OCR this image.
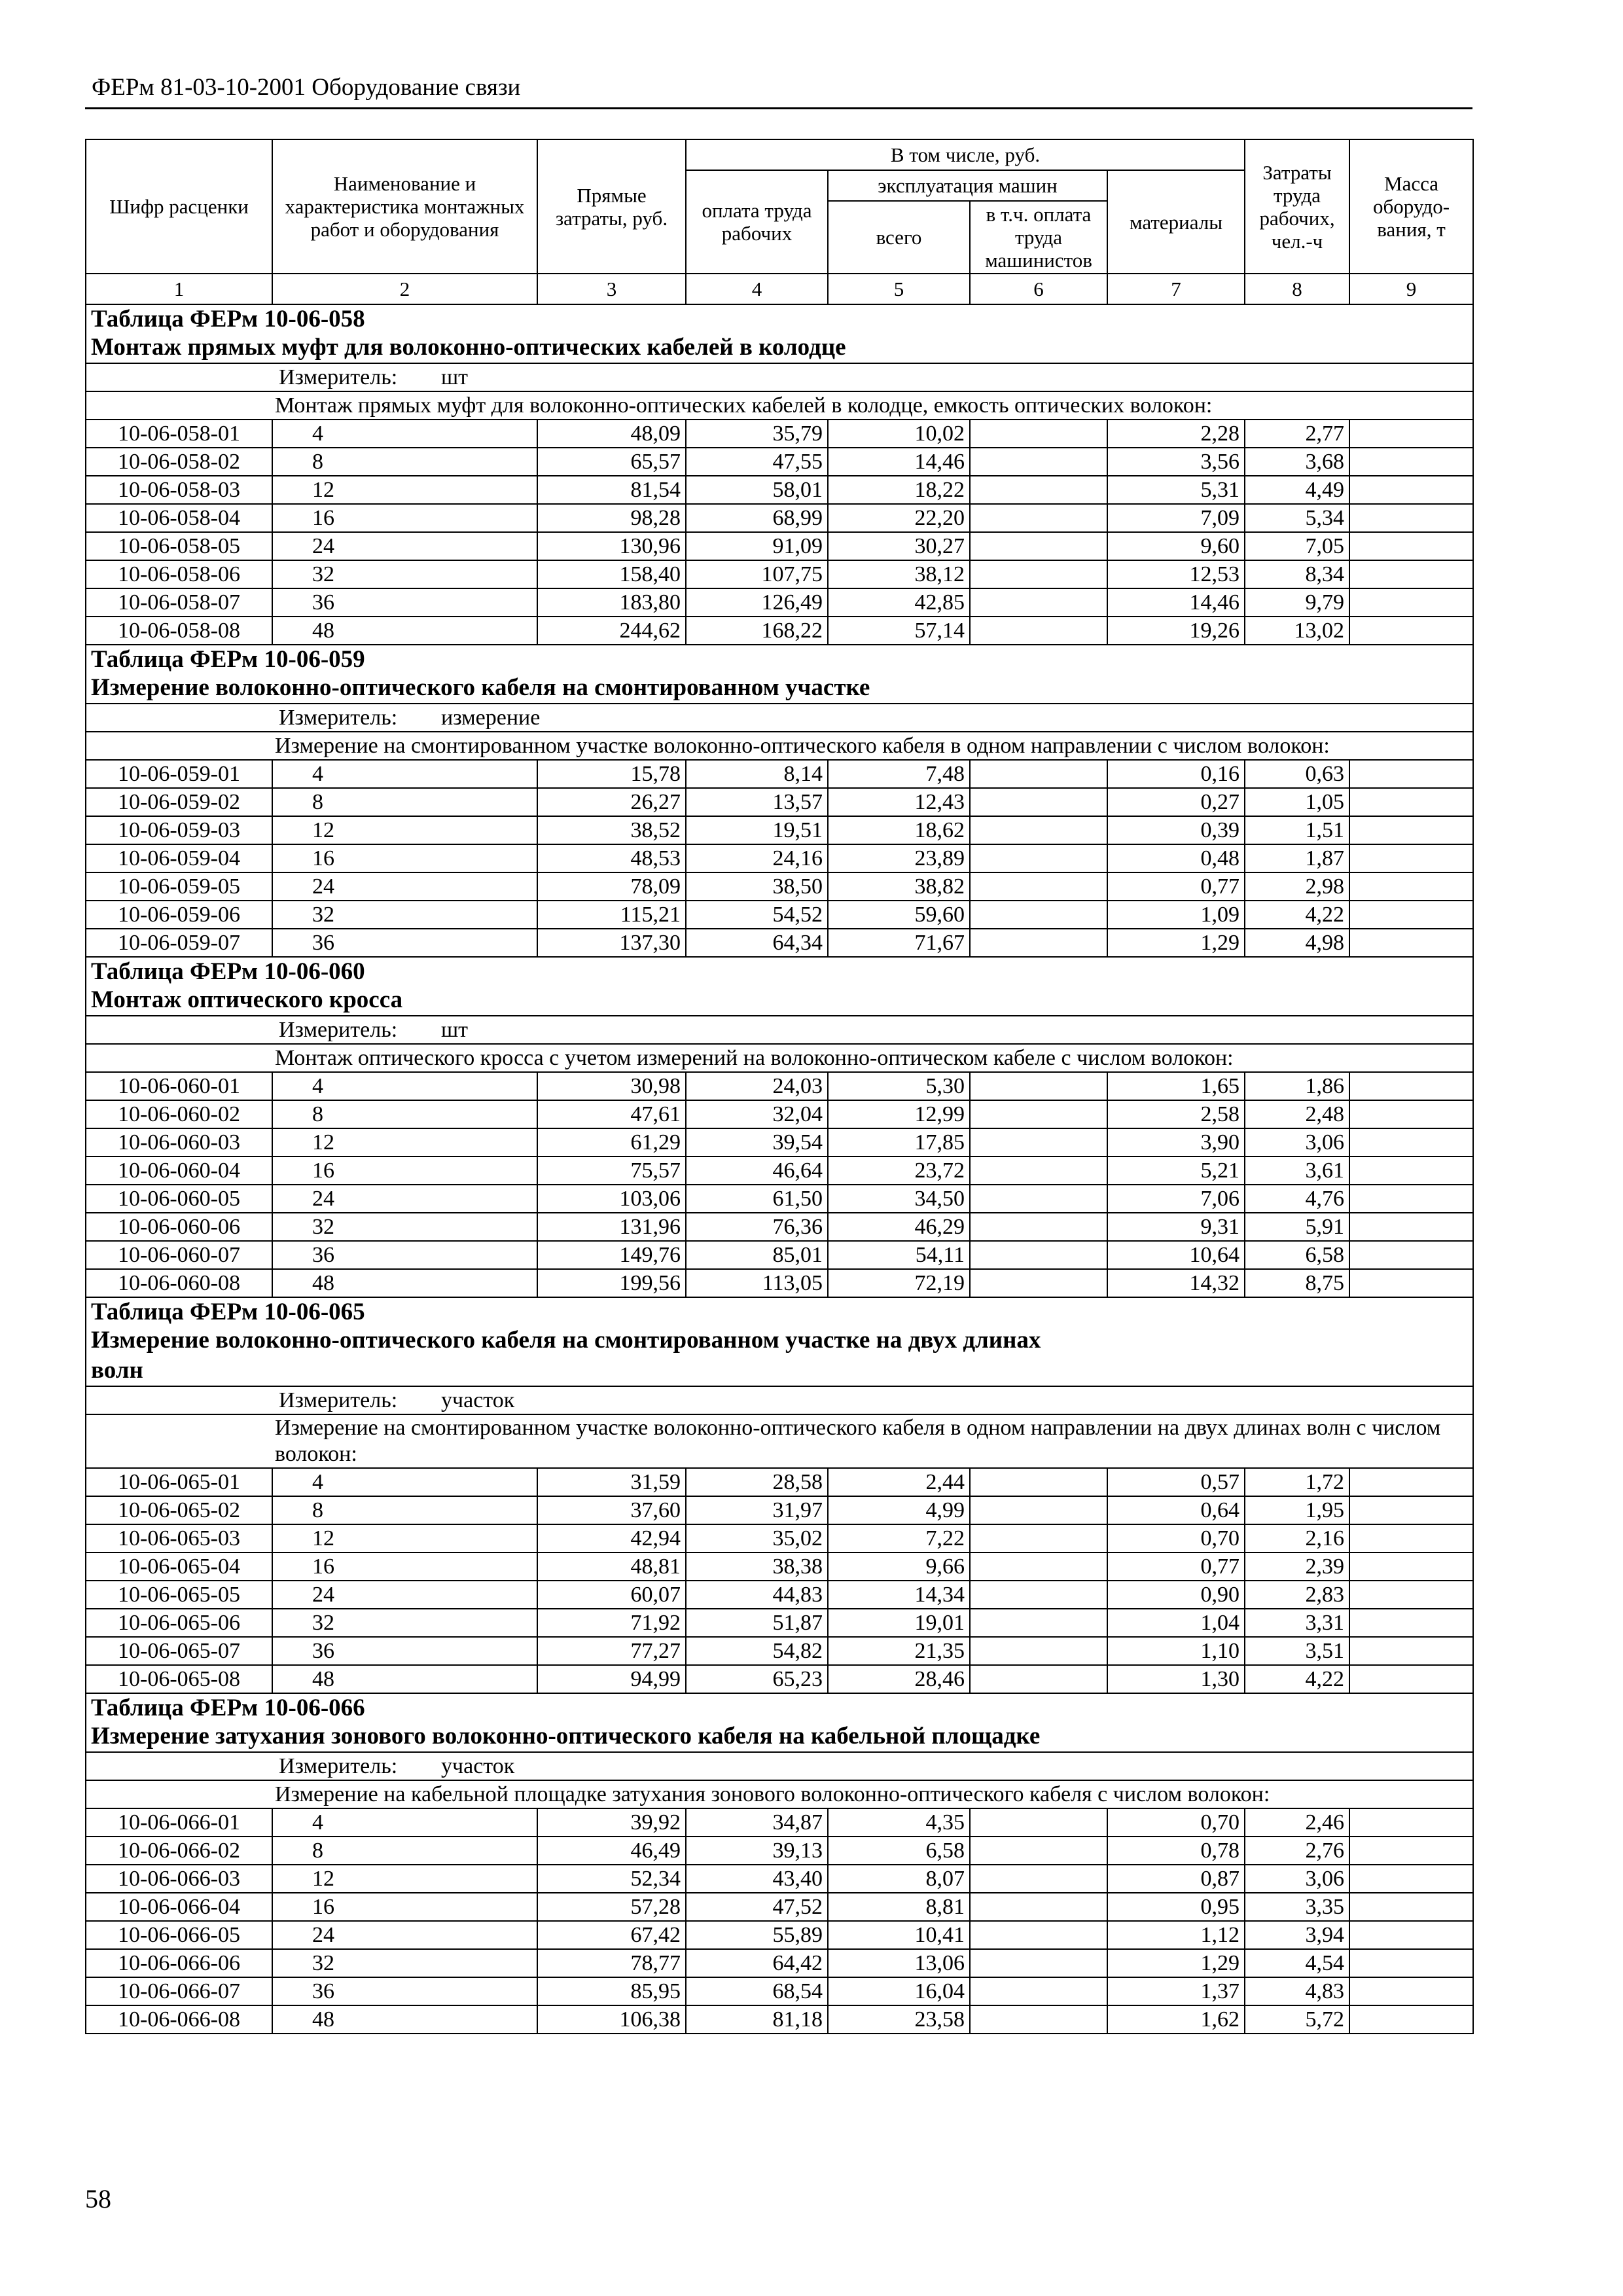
ФЕРм 81-03-10-2001 Оборудование связи
Шифр расценки	Наименование и характеристика монтажных работ и оборудования	Прямые затраты, руб.	В том числе, руб.				Затраты труда рабочих, чел.-ч	Масса оборудо-вания, т
			оплата труда рабочих	эксплуатация машин		материалы		
				всего	в т.ч. оплата труда машинистов			
1	2	3	4	5	6	7	8	9
Таблица ФЕРм 10-06-058Монтаж прямых муфт для волоконно-оптических кабелей в колодце								
Измеритель: шт								
Монтаж прямых муфт для волоконно-оптических кабелей в колодце, емкость оптических волокон:								
10-06-058-01	4	48,09	35,79	10,02		2,28	2,77	
10-06-058-02	8	65,57	47,55	14,46		3,56	3,68	
10-06-058-03	12	81,54	58,01	18,22		5,31	4,49	
10-06-058-04	16	98,28	68,99	22,20		7,09	5,34	
10-06-058-05	24	130,96	91,09	30,27		9,60	7,05	
10-06-058-06	32	158,40	107,75	38,12		12,53	8,34	
10-06-058-07	36	183,80	126,49	42,85		14,46	9,79	
10-06-058-08	48	244,62	168,22	57,14		19,26	13,02	
Таблица ФЕРм 10-06-059Измерение волоконно-оптического кабеля на смонтированном участке								
Измеритель: измерение								
Измерение на смонтированном участке волоконно-оптического кабеля в одном направлении с числом волокон:								
10-06-059-01	4	15,78	8,14	7,48		0,16	0,63	
10-06-059-02	8	26,27	13,57	12,43		0,27	1,05	
10-06-059-03	12	38,52	19,51	18,62		0,39	1,51	
10-06-059-04	16	48,53	24,16	23,89		0,48	1,87	
10-06-059-05	24	78,09	38,50	38,82		0,77	2,98	
10-06-059-06	32	115,21	54,52	59,60		1,09	4,22	
10-06-059-07	36	137,30	64,34	71,67		1,29	4,98	
Таблица ФЕРм 10-06-060Монтаж оптического кросса								
Измеритель: шт								
Монтаж оптического кросса с учетом измерений на волоконно-оптическом кабеле с числом волокон:								
10-06-060-01	4	30,98	24,03	5,30		1,65	1,86	
10-06-060-02	8	47,61	32,04	12,99		2,58	2,48	
10-06-060-03	12	61,29	39,54	17,85		3,90	3,06	
10-06-060-04	16	75,57	46,64	23,72		5,21	3,61	
10-06-060-05	24	103,06	61,50	34,50		7,06	4,76	
10-06-060-06	32	131,96	76,36	46,29		9,31	5,91	
10-06-060-07	36	149,76	85,01	54,11		10,64	6,58	
10-06-060-08	48	199,56	113,05	72,19		14,32	8,75	
Таблица ФЕРм 10-06-065Измерение волоконно-оптического кабеля на смонтированном участке на двух длинах волн								
Измеритель: участок								
Измерение на смонтированном участке волоконно-оптического кабеля в одном направлении на двух длинах волн с числом волокон:								
10-06-065-01	4	31,59	28,58	2,44		0,57	1,72	
10-06-065-02	8	37,60	31,97	4,99		0,64	1,95	
10-06-065-03	12	42,94	35,02	7,22		0,70	2,16	
10-06-065-04	16	48,81	38,38	9,66		0,77	2,39	
10-06-065-05	24	60,07	44,83	14,34		0,90	2,83	
10-06-065-06	32	71,92	51,87	19,01		1,04	3,31	
10-06-065-07	36	77,27	54,82	21,35		1,10	3,51	
10-06-065-08	48	94,99	65,23	28,46		1,30	4,22	
Таблица ФЕРм 10-06-066Измерение затухания зонового волоконно-оптического кабеля на кабельной площадке								
Измеритель: участок								
Измерение на кабельной площадке затухания зонового волоконно-оптического кабеля с числом волокон:								
10-06-066-01	4	39,92	34,87	4,35		0,70	2,46	
10-06-066-02	8	46,49	39,13	6,58		0,78	2,76	
10-06-066-03	12	52,34	43,40	8,07		0,87	3,06	
10-06-066-04	16	57,28	47,52	8,81		0,95	3,35	
10-06-066-05	24	67,42	55,89	10,41		1,12	3,94	
10-06-066-06	32	78,77	64,42	13,06		1,29	4,54	
10-06-066-07	36	85,95	68,54	16,04		1,37	4,83	
10-06-066-08	48	106,38	81,18	23,58		1,62	5,72	
58
